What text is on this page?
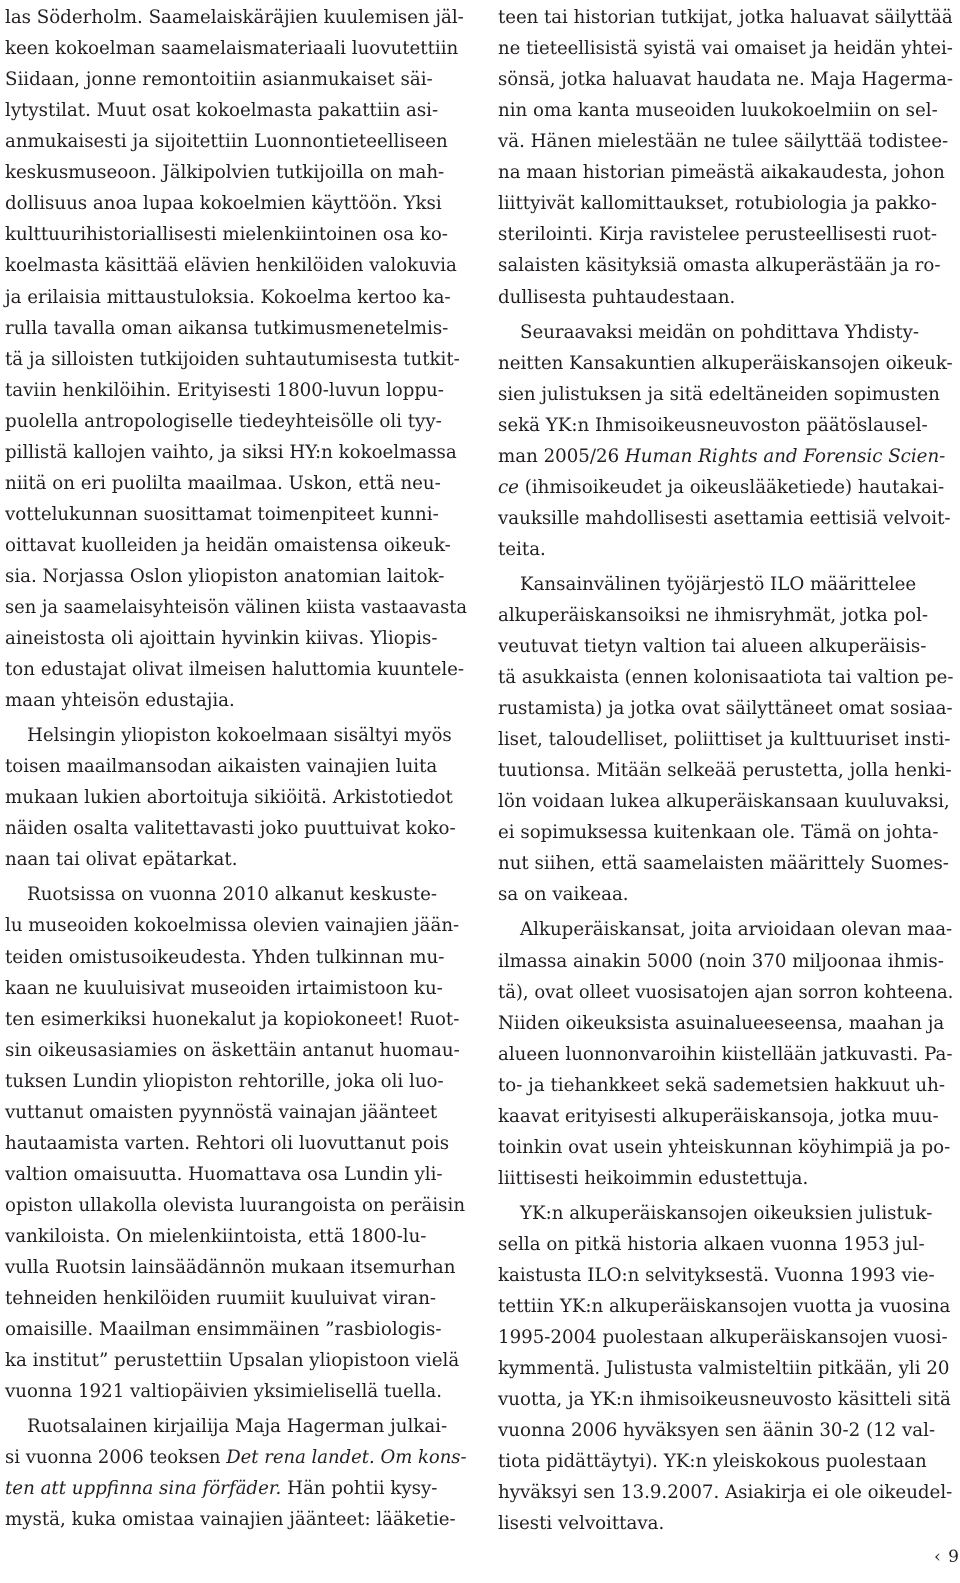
las Söderholm. Saamelaiskäräjien kuulemisen jäl-
keen kokoelman saamelaismateriaali luovutettiin
Siidaan, jonne remontoitiin asianmukaiset säi-
lytystilat. Muut osat kokoelmasta pakattiin asi-
anmukaisesti ja sijoitettiin Luonnontieteelliseen
keskusmuseoon. Jälkipolvien tutkijoilla on mah-
dollisuus anoa lupaa kokoelmien käyttöön. Yksi
kulttuurihistoriallisesti mielenkiintoinen osa ko-
koelmasta käsittää elävien henkilöiden valokuvia
ja erilaisia mittaustuloksia. Kokoelma kertoo ka-
rulla tavalla oman aikansa tutkimusmenetelmis-
tä ja silloisten tutkijoiden suhtautumisesta tutkit-
taviin henkilöihin. Erityisesti 1800-luvun loppu-
puolella antropologiselle tiedeyhteisölle oli tyy-
pillistä kallojen vaihto, ja siksi HY:n kokoelmassa
niitä on eri puolilta maailmaa. Uskon, että neu-
vottelukunnan suosittamat toimenpiteet kunni-
oittavat kuolleiden ja heidän omaistensa oikeuk-
sia. Norjassa Oslon yliopiston anatomian laitok-
sen ja saamelaisyhteisön välinen kiista vastaavasta
aineistosta oli ajoittain hyvinkin kiivas. Yliopis-
ton edustajat olivat ilmeisen haluttomia kuuntele-
maan yhteisön edustajia.
Helsingin yliopiston kokoelmaan sisältyi myös
toisen maailmansodan aikaisten vainajien luita
mukaan lukien abortoituja sikiöitä. Arkistotiedot
näiden osalta valitettavasti joko puuttuivat koko-
naan tai olivat epätarkat.
Ruotsissa on vuonna 2010 alkanut keskuste-
lu museoiden kokoelmissa olevien vainajien jään-
teiden omistusoikeudesta. Yhden tulkinnan mu-
kaan ne kuuluisivat museoiden irtaimistoon ku-
ten esimerkiksi huonekalut ja kopiokoneet! Ruot-
sin oikeusasiamies on äskettäin antanut huomau-
tuksen Lundin yliopiston rehtorille, joka oli luo-
vuttanut omaisten pyynnöstä vainajan jäänteet
hautaamista varten. Rehtori oli luovuttanut pois
valtion omaisuutta. Huomattava osa Lundin yli-
opiston ullakolla olevista luurangoista on peräisin
vankiloista. On mielenkiintoista, että 1800-lu-
vulla Ruotsin lainsäädännön mukaan itsemurhan
tehneiden henkilöiden ruumiit kuuluivat viran-
omaisille. Maailman ensimmäinen ”rasbiologis-
ka institut” perustettiin Upsalan yliopistoon vielä
vuonna 1921 valtiopäivien yksimielisellä tuella.
Ruotsalainen kirjailija Maja Hagerman julkai-
si vuonna 2006 teoksen Det rena landet. Om kons-
ten att uppfinna sina förfäder. Hän pohtii kysy-
mystä, kuka omistaa vainajien jäänteet: lääketie-
teen tai historian tutkijat, jotka haluavat säilyttää
ne tieteellisistä syistä vai omaiset ja heidän yhtei-
sönsä, jotka haluavat haudata ne. Maja Hagerma-
nin oma kanta museoiden luukokoelmiin on sel-
vä. Hänen mielestään ne tulee säilyttää todistee-
na maan historian pimeästä aikakaudesta, johon
liittyivät kallomittaukset, rotubiologia ja pakko-
sterilointi. Kirja ravistelee perusteellisesti ruot-
salaisten käsityksiä omasta alkuperästään ja ro-
dullisesta puhtaudestaan.
Seuraavaksi meidän on pohdittava Yhdisty-
neitten Kansakuntien alkuperäiskansojen oikeuk-
sien julistuksen ja sitä edeltäneiden sopimusten
sekä YK:n Ihmisoikeusneuvoston päätöslausel-
man 2005/26 Human Rights and Forensic Scien-
ce (ihmisoikeudet ja oikeuslääketiede) hautakai-
vauksille mahdollisesti asettamia eettisiä velvoit-
teita.
Kansainvälinen työjärjestö ILO määrittelee
alkuperäiskansoiksi ne ihmisryhmät, jotka pol-
veutuvat tietyn valtion tai alueen alkuperäisis-
tä asukkaista (ennen kolonisaatiota tai valtion pe-
rustamista) ja jotka ovat säilyttäneet omat sosiaa-
liset, taloudelliset, poliittiset ja kulttuuriset insti-
tuutionsa. Mitään selkeää perustetta, jolla henki-
lön voidaan lukea alkuperäiskansaan kuuluvaksi,
ei sopimuksessa kuitenkaan ole. Tämä on johta-
nut siihen, että saamelaisten määrittely Suomes-
sa on vaikeaa.
Alkuperäiskansat, joita arvioidaan olevan maa-
ilmassa ainakin 5000 (noin 370 miljoonaa ihmis-
tä), ovat olleet vuosisatojen ajan sorron kohteena.
Niiden oikeuksista asuinalueeseensa, maahan ja
alueen luonnonvaroihin kiistellään jatkuvasti. Pa-
to- ja tiehankkeet sekä sademetsien hakkuut uh-
kaavat erityisesti alkuperäiskansoja, jotka muu-
toinkin ovat usein yhteiskunnan köyhimpiä ja po-
liittisesti heikoimmin edustettuja.
YK:n alkuperäiskansojen oikeuksien julistuk-
sella on pitkä historia alkaen vuonna 1953 jul-
kaistusta ILO:n selvityksestä. Vuonna 1993 vie-
tettiin YK:n alkuperäiskansojen vuotta ja vuosina
1995-2004 puolestaan alkuperäiskansojen vuosi-
kymmentä. Julistusta valmisteltiin pitkään, yli 20
vuotta, ja YK:n ihmisoikeusneuvosto käsitteli sitä
vuonna 2006 hyväksyen sen äänin 30-2 (12 val-
tiota pidättäytyi). YK:n yleiskokous puolestaan
hyväksyi sen 13.9.2007. Asiakirja ei ole oikeudel-
lisesti velvoittava.
‹ 9
